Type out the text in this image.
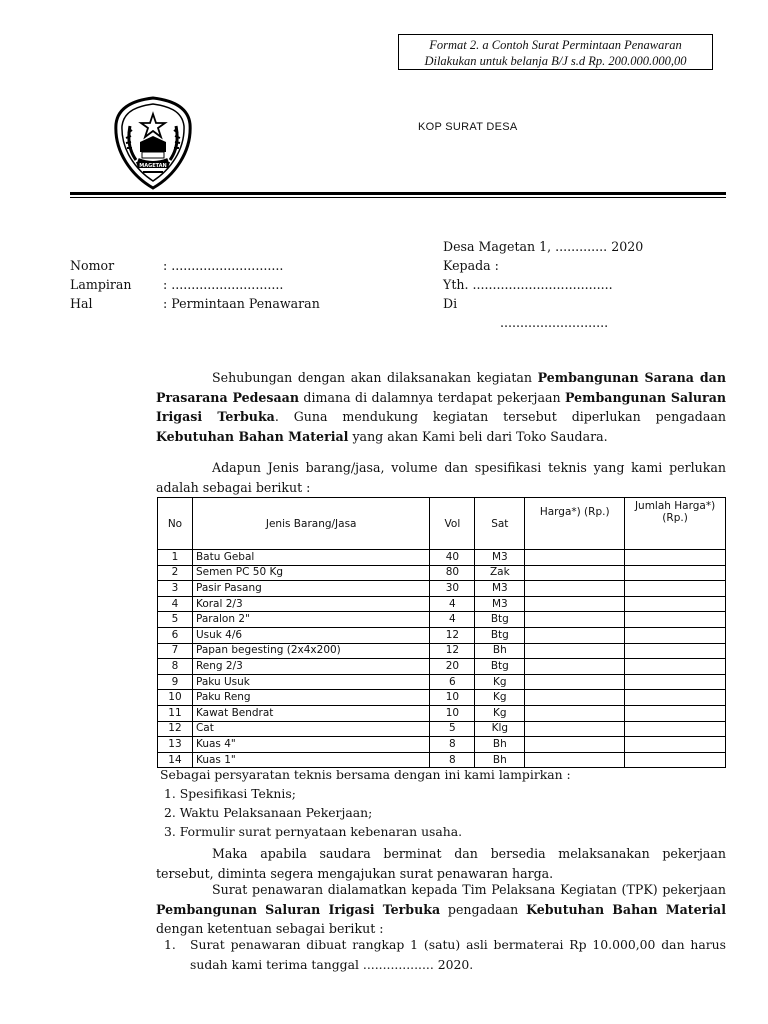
Format 2. a Contoh Surat Permintaan Penawaran
Dilakukan untuk belanja B/J s.d Rp. 200.000.000,00
MAGETAN
KOP SURAT DESA
Desa Magetan 1, ............. 2020
Kepada :
Yth. ...................................
Di
...........................
Nomor	: ............................
Lampiran : ............................
Hal	: Permintaan Penawaran
Sehubungan dengan akan dilaksanakan kegiatan Pembangunan Sarana dan Prasarana Pedesaan dimana di dalamnya terdapat pekerjaan Pembangunan Saluran Irigasi Terbuka. Guna mendukung kegiatan tersebut diperlukan pengadaan Kebutuhan Bahan Material yang akan Kami beli dari Toko Saudara.
Adapun Jenis barang/jasa, volume dan spesifikasi teknis yang kami perlukan adalah sebagai berikut :
No	Jenis Barang/Jasa	Vol	Sat	Harga*) (Rp.)	Jumlah Harga*) (Rp.)
1	Batu Gebal	40	M3		
2	Semen PC 50 Kg	80	Zak		
3	Pasir Pasang	30	M3		
4	Koral 2/3	4	M3		
5	Paralon 2"	4	Btg		
6	Usuk 4/6	12	Btg		
7	Papan begesting (2x4x200)	12	Bh		
8	Reng 2/3	20	Btg		
9	Paku Usuk	6	Kg		
10	Paku Reng	10	Kg		
11	Kawat Bendrat	10	Kg		
12	Cat	5	Klg		
13	Kuas 4"	8	Bh		
14	Kuas 1"	8	Bh		
Sebagai persyaratan teknis bersama dengan ini kami lampirkan :
1. Spesifikasi Teknis;
2. Waktu Pelaksanaan Pekerjaan;
3. Formulir surat pernyataan kebenaran usaha.
Maka apabila saudara berminat dan bersedia melaksanakan pekerjaan tersebut, diminta segera mengajukan surat penawaran harga.
Surat penawaran dialamatkan kepada Tim Pelaksana Kegiatan (TPK) pekerjaan Pembangunan Saluran Irigasi Terbuka pengadaan Kebutuhan Bahan Material dengan ketentuan sebagai berikut :
1.	Surat penawaran dibuat rangkap 1 (satu) asli bermaterai Rp 10.000,00 dan harus sudah kami terima tanggal .................. 2020.
